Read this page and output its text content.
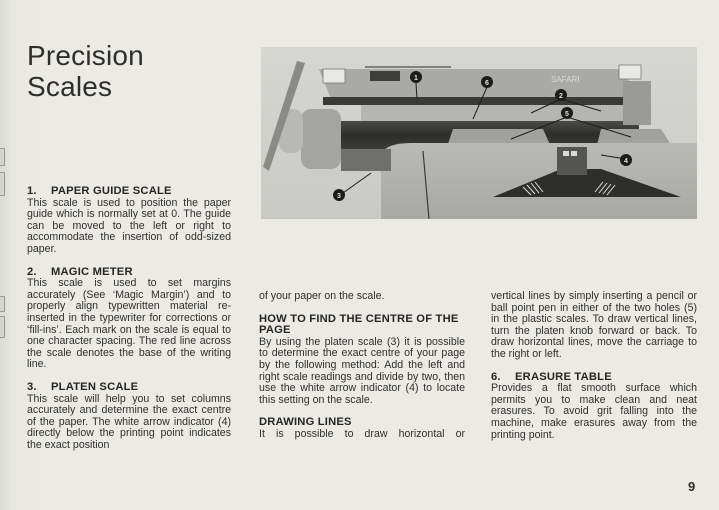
Precision
Scales	SAFARI
1
6
2
5
4
3
1. PAPER GUIDE SCALE

This scale is used to position the paper guide which is normally set at 0. The guide can be moved to the left or right to accommodate the insertion of odd-sized paper.

2. MAGIC METER

This scale is used to set margins accurately (See ‘Magic Margin’) and to properly align typewritten material re-inserted in the typewriter for corrections or ‘fill-ins’. Each mark on the scale is equal to one character spacing. The red line across the scale denotes the base of the writing line.

3. PLATEN SCALE

This scale will help you to set columns accurately and determine the exact centre of the paper. The white arrow indicator (4) directly below the printing point indicates the exact position

of your paper on the scale.

HOW TO FIND THE CENTRE OF THE PAGE

By using the platen scale (3) it is possible to determine the exact centre of your page by the following method: Add the left and right scale readings and divide by two, then use the white arrow indicator (4) to locate this setting on the scale.

DRAWING LINES

It is possible to draw horizontal or

vertical lines by simply inserting a pencil or ball point pen in either of the two holes (5) in the plastic scales. To draw vertical lines, turn the platen knob forward or back. To draw horizontal lines, move the carriage to the right or left.

6. ERASURE TABLE

Provides a flat smooth surface which permits you to make clean and neat erasures. To avoid grit falling into the machine, make erasures away from the printing point.

9
